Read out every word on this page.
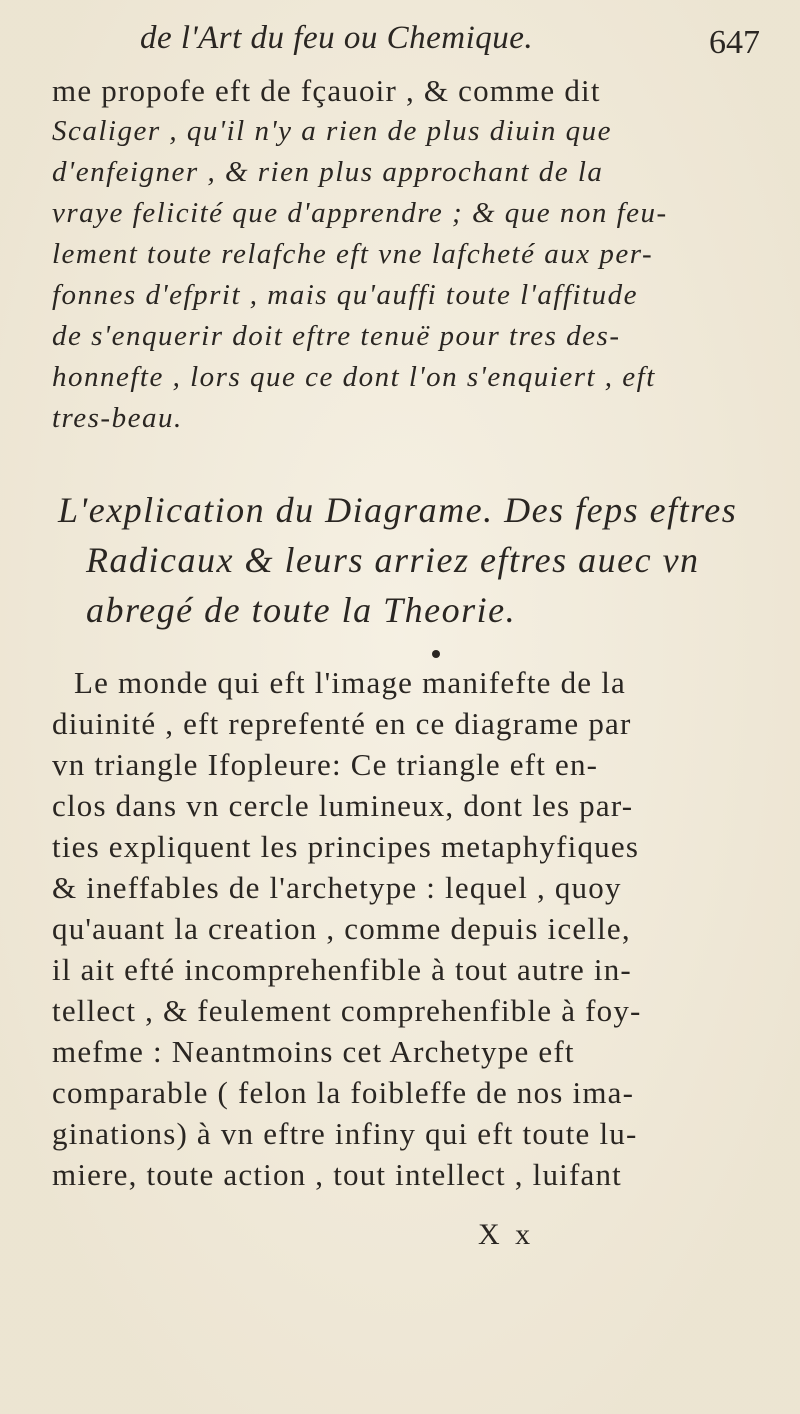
de l'Art du feu ou Chemique.	647
me propofe eft de fçauoir , & comme dit
Scaliger , qu'il n'y a rien de plus diuin que
d'enfeigner , & rien plus approchant de la
vraye felicité que d'apprendre ; & que non feu-
lement toute relafche eft vne lafcheté aux per-
fonnes d'efprit , mais qu'auffi toute l'affitude
de s'enquerir doit eftre tenuë pour tres des-
honnefte , lors que ce dont l'on s'enquiert , eft
tres-beau.
L'explication du Diagrame. Des feps eftres
Radicaux & leurs arriez eftres auec vn
abregé de toute la Theorie.
Le monde qui eft l'image manifefte de la
diuinité , eft reprefenté en ce diagrame par
vn triangle Ifopleure: Ce triangle eft en-
clos dans vn cercle lumineux, dont les par-
ties expliquent les principes metaphyfiques
& ineffables de l'archetype : lequel , quoy
qu'auant la creation , comme depuis icelle,
il ait efté incomprehenfible à tout autre in-
tellect , & feulement comprehenfible à foy-
mefme : Neantmoins cet Archetype eft
comparable ( felon la foibleffe de nos ima-
ginations) à vn eftre infiny qui eft toute lu-
miere, toute action , tout intellect , luifant
X x
